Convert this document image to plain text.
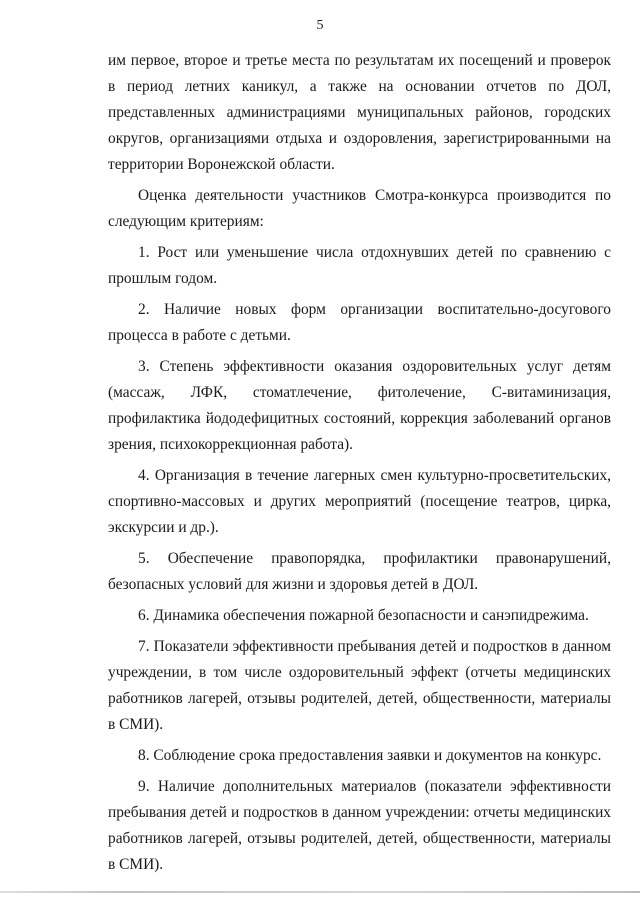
5

им первое, второе и третье места по результатам их посещений и проверок в период летних каникул, а также на основании отчетов по ДОЛ, представленных администрациями муниципальных районов, городских округов, организациями отдыха и оздоровления, зарегистрированными на территории Воронежской области.

Оценка деятельности участников Смотра-конкурса производится по следующим критериям:

1. Рост или уменьшение числа отдохнувших детей по сравнению с прошлым годом.

2. Наличие новых форм организации воспитательно-досугового процесса в работе с детьми.

3. Степень эффективности оказания оздоровительных услуг детям (массаж, ЛФК, стоматлечение, фитолечение, С-витаминизация, профилактика йододефицитных состояний, коррекция заболеваний органов зрения, психокоррекционная работа).

4. Организация в течение лагерных смен культурно-просветительских, спортивно-массовых и других мероприятий (посещение театров, цирка, экскурсии и др.).

5. Обеспечение правопорядка, профилактики правонарушений, безопасных условий для жизни и здоровья детей в ДОЛ.

6. Динамика обеспечения пожарной безопасности и санэпидрежима.

7. Показатели эффективности пребывания детей и подростков в данном учреждении, в том числе оздоровительный эффект (отчеты медицинских работников лагерей, отзывы родителей, детей, общественности, материалы в СМИ).

8. Соблюдение срока предоставления заявки и документов на конкурс.

9. Наличие дополнительных материалов (показатели эффективности пребывания детей и подростков в данном учреждении: отчеты медицинских работников лагерей, отзывы родителей, детей, общественности, материалы в СМИ).
